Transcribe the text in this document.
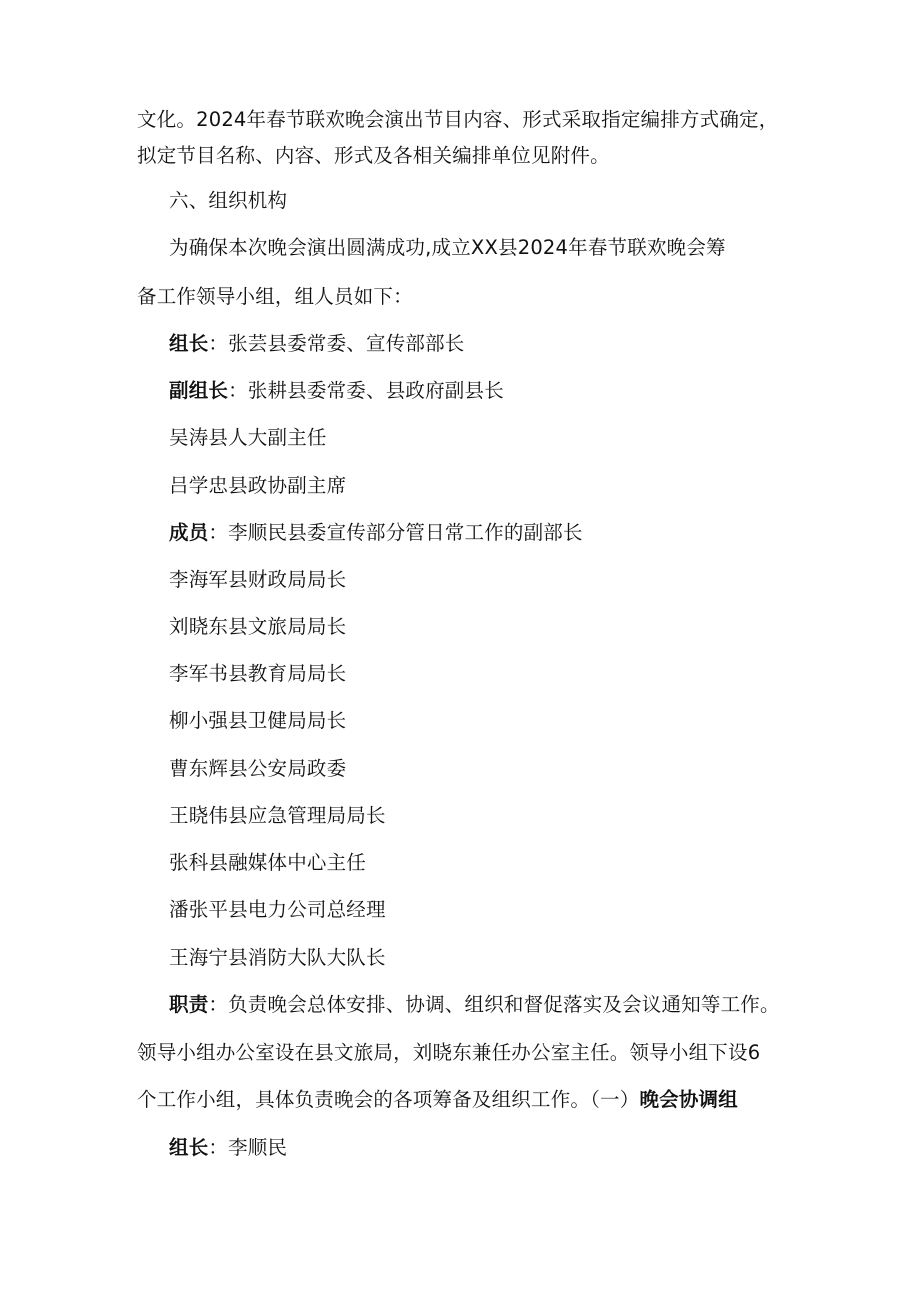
文化。2024年春节联欢晚会演出节目内容、形式采取指定编排方式确定，
拟定节目名称、内容、形式及各相关编排单位见附件。
六、组织机构
为确保本次晚会演出圆满成功,成立XX县2024年春节联欢晚会筹
备工作领导小组，组人员如下：
组长：张芸县委常委、宣传部部长
副组长：张耕县委常委、县政府副县长
吴涛县人大副主任
吕学忠县政协副主席
成员：李顺民县委宣传部分管日常工作的副部长
李海军县财政局局长
刘晓东县文旅局局长
李军书县教育局局长
柳小强县卫健局局长
曹东辉县公安局政委
王晓伟县应急管理局局长
张科县融媒体中心主任
潘张平县电力公司总经理
王海宁县消防大队大队长
职责：负责晚会总体安排、协调、组织和督促落实及会议通知等工作。
领导小组办公室设在县文旅局，刘晓东兼任办公室主任。领导小组下设6
个工作小组，具体负责晚会的各项筹备及组织工作。（一）晚会协调组
组长：李顺民
